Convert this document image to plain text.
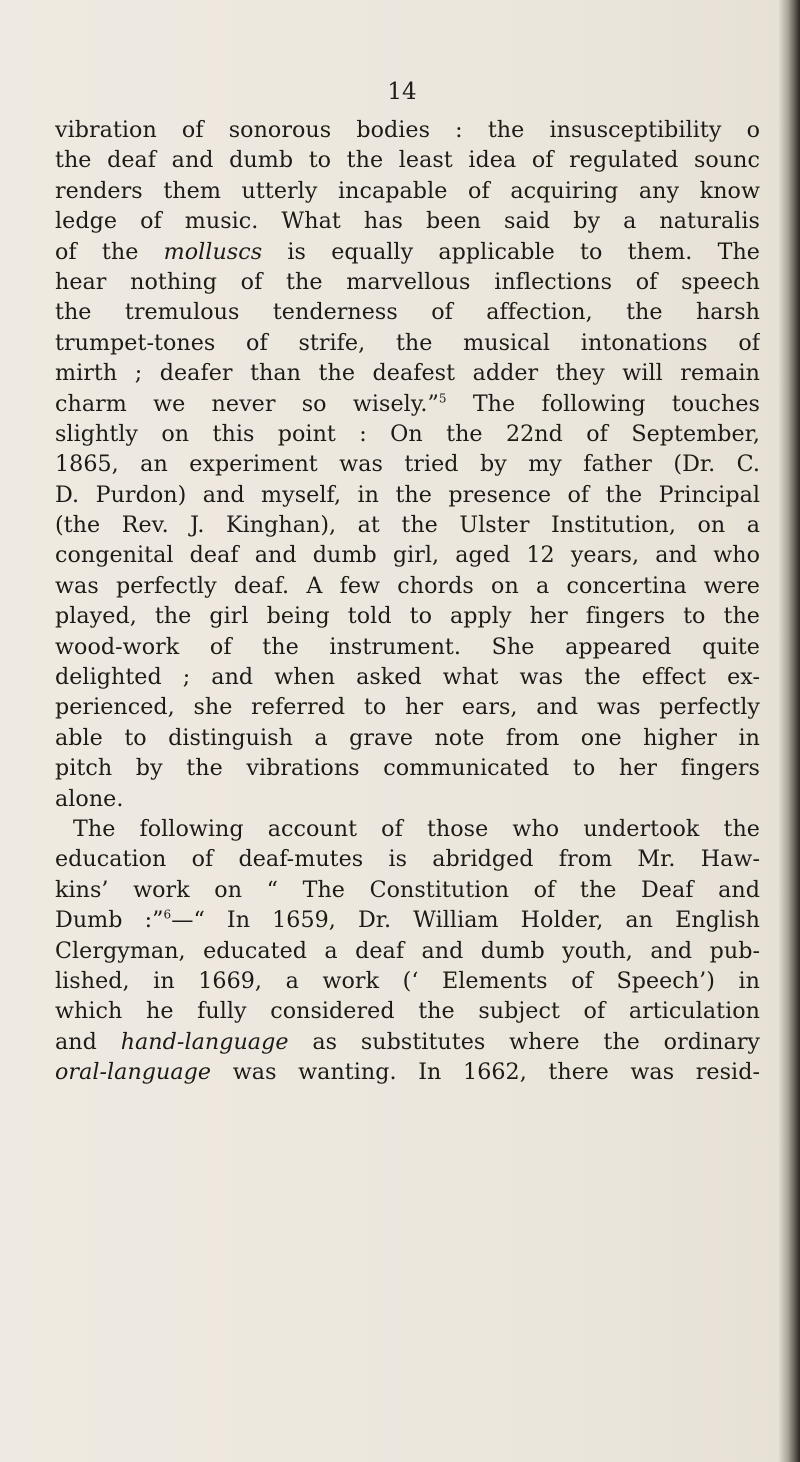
14
vibration of sonorous bodies : the insusceptibility o
the deaf and dumb to the least idea of regulated sounc
renders them utterly incapable of acquiring any know
ledge of music. What has been said by a naturalis
of the molluscs is equally applicable to them. The
hear nothing of the marvellous inflections of speech
the tremulous tenderness of affection, the harsh
trumpet-tones of strife, the musical intonations of
mirth ; deafer than the deafest adder they will remain
charm we never so wisely.”$^5$ The following touches
slightly on this point : On the 22nd of September,
1865, an experiment was tried by my father (Dr. C.
D. Purdon) and myself, in the presence of the Principal
(the Rev. J. Kinghan), at the Ulster Institution, on a
congenital deaf and dumb girl, aged 12 years, and who
was perfectly deaf. A few chords on a concertina were
played, the girl being told to apply her fingers to the
wood-work of the instrument. She appeared quite
delighted ; and when asked what was the effect ex-
perienced, she referred to her ears, and was perfectly
able to distinguish a grave note from one higher in
pitch by the vibrations communicated to her fingers
alone.
The following account of those who undertook the
education of deaf-mutes is abridged from Mr. Haw-
kins’ work on “ The Constitution of the Deaf and
Dumb :”$^6$—“ In 1659, Dr. William Holder, an English
Clergyman, educated a deaf and dumb youth, and pub-
lished, in 1669, a work (‘ Elements of Speech’) in
which he fully considered the subject of articulation
and hand-language as substitutes where the ordinary
oral-language was wanting. In 1662, there was resid-
